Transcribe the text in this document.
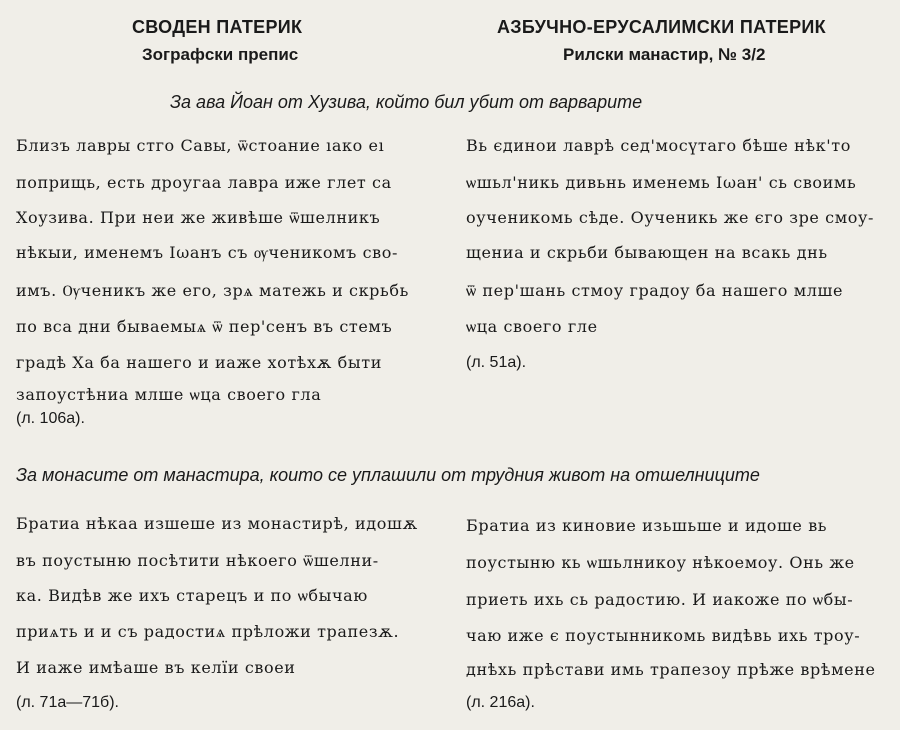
СВОДЕН ПАТЕРИК
Зографски препис
АЗБУЧНО-ЕРУСАЛИМСКИ ПАТЕРИК
Рилски манастир, № 3/2
За ава Йоан от Хузива, който бил убит от варварите
Близъ лавры стго Савы, ѿстоание ıако еı
поприщь, есть дроугаа лавра иже глет са
Хоузива. При неи же живѣше ѿшелникъ
нѣкыи, именемъ Іωанъ съ ѹченикомъ сво-
имъ. Ѹченикъ же его, зрѧ матежь и скрьбь
по вса дни бываемыѧ ѿ пер'сенъ въ стемъ
градѣ Ха ба нашего и иаже хотѣхѫ быти
запоустѣниа млше ѡца своего гла
(л. 106а).
Вь єдинои лаврѣ сед'мосүтаго бѣше нѣк'то
ѡшьл'никь дивьнь именемь Іωан' сь своимь
оученикомь сѣде. Оученикь же єго зре смоу-
щениа и скрьби бывающен на всакь днь
ѿ пер'шань стмоу градоу ба нашего млше
ѡца своего гле
(л. 51а).
За монасите от манастира, които се уплашили от трудния живот на отшелниците
Братиа нѣкаа изшеше из монастирѣ, идошѫ
въ поустыню посѣтити нѣкоего ѿшелни-
ка. Видѣв же ихъ старецъ и по ѡбычаю
приѧть и и съ радостиѧ прѣложи трапезѫ.
И иаже имѣаше въ келїи своеи
(л. 71а—71б).
Братиа из киновие изьшьше и идоше вь
поустыню кь ѡшьлникоу нѣкоемоу. Онь же
приеть ихь сь радостию. И иакоже по ѡбы-
чаю иже є поустынникомь видѣвь ихь троу-
днѣхь прѣстави имь трапезоу прѣже врѣмене
(л. 216а).
